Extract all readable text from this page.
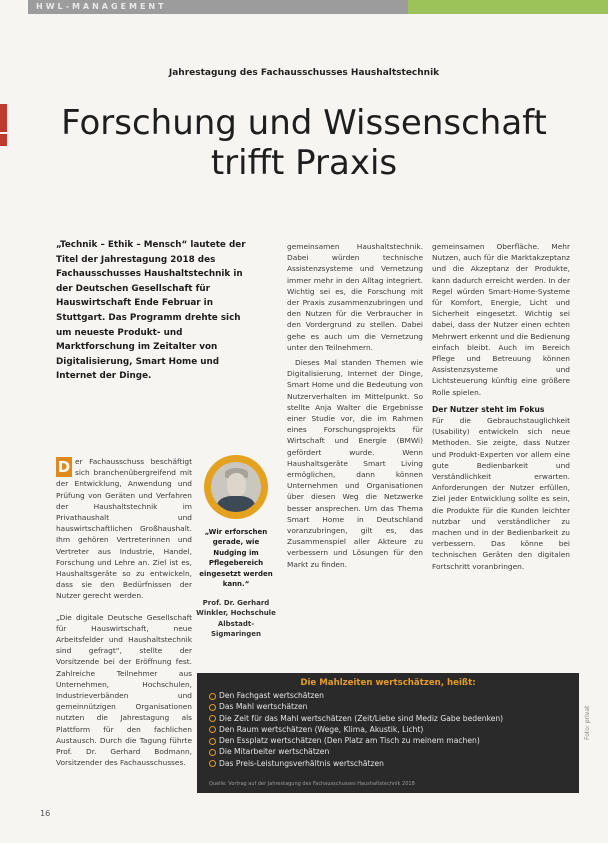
HWL-MANAGEMENT
Jahrestagung des Fachausschusses Haushaltstechnik
Forschung und Wissenschaft
trifft Praxis
„Technik – Ethik – Mensch“ lautete der Titel der Jahrestagung 2018 des Fachausschusses Haushaltstechnik in der Deutschen Gesellschaft für Hauswirtschaft Ende Februar in Stuttgart. Das Programm drehte sich um neueste Produkt- und Marktforschung im Zeitalter von Digitalisierung, Smart Home und Internet der Dinge.
D er Fachausschuss beschäftigt sich branchenübergreifend mit der Entwicklung, Anwendung und Prüfung von Geräten und Verfahren der Haushaltstechnik im Privathaushalt und hauswirtschaftlichen Großhaushalt. Ihm gehören Vertreterinnen und Vertreter aus Industrie, Handel, Forschung und Lehre an. Ziel ist es, Haushaltsgeräte so zu entwickeln, dass sie den Bedürfnissen der Nutzer gerecht werden.
„Die digitale Deutsche Gesellschaft für Hauswirtschaft, neue Arbeitsfelder und Haushaltstechnik sind gefragt“, stellte der Vorsitzende bei der Eröffnung fest. Zahlreiche Teilnehmer aus Unternehmen, Hochschulen, Industrieverbänden und gemeinnützigen Organisationen nutzten die Jahrestagung als Plattform für den fachlichen Austausch. Durch die Tagung führte Prof. Dr. Gerhard Bodmann, Vorsitzender des Fachausschusses.
„Wir erforschen gerade, wie Nudging im Pflegebereich eingesetzt werden kann.“
Prof. Dr. Gerhard Winkler, Hochschule Albstadt-Sigmaringen
gemeinsamen Haushaltstechnik. Dabei würden technische Assistenzsysteme und Vernetzung immer mehr in den Alltag integriert. Wichtig sei es, die Forschung mit der Praxis zusammenzubringen und den Nutzen für die Verbraucher in den Vordergrund zu stellen. Dabei gehe es auch um die Vernetzung unter den Teilnehmern.
Dieses Mal standen Themen wie Digitalisierung, Internet der Dinge, Smart Home und die Bedeutung von Nutzerverhalten im Mittelpunkt. So stellte Anja Walter die Ergebnisse einer Studie vor, die im Rahmen eines Forschungsprojekts für Wirtschaft und Energie (BMWi) gefördert wurde. Wenn Haushaltsgeräte Smart Living ermöglichen, dann können Unternehmen und Organisationen über diesen Weg die Netzwerke besser ansprechen. Um das Thema Smart Home in Deutschland voranzubringen, gilt es, das Zusammenspiel aller Akteure zu verbessern und Lösungen für den Markt zu finden.
gemeinsamen Oberfläche. Mehr Nutzen, auch für die Marktakzeptanz und die Akzeptanz der Produkte, kann dadurch erreicht werden. In der Regel würden Smart-Home-Systeme für Komfort, Energie, Licht und Sicherheit eingesetzt. Wichtig sei dabei, dass der Nutzer einen echten Mehrwert erkennt und die Bedienung einfach bleibt. Auch im Bereich Pflege und Betreuung können Assistenzsysteme und Lichtsteuerung künftig eine größere Rolle spielen.
Der Nutzer steht im Fokus
Für die Gebrauchstauglichkeit (Usability) entwickeln sich neue Methoden. Sie zeigte, dass Nutzer und Produkt-Experten vor allem eine gute Bedienbarkeit und Verständlichkeit erwarten. Anforderungen der Nutzer erfüllen, Ziel jeder Entwicklung sollte es sein, die Produkte für die Kunden leichter nutzbar und verständlicher zu machen und in der Bedienbarkeit zu verbessern. Das könne bei technischen Geräten den digitalen Fortschritt voranbringen.
Die Mahlzeiten wertschätzen, heißt:
Den Fachgast wertschätzen
Das Mahl wertschätzen
Die Zeit für das Mahl wertschätzen (Zeit/Liebe sind Mediz Gabe bedenken)
Den Raum wertschätzen (Wege, Klima, Akustik, Licht)
Den Essplatz wertschätzen (Den Platz am Tisch zu meinem machen)
Die Mitarbeiter wertschätzen
Das Preis-Leistungsverhältnis wertschätzen
Quelle: Vortrag auf der Jahrestagung des Fachausschusses Haushaltstechnik 2018
16
Foto: privat
